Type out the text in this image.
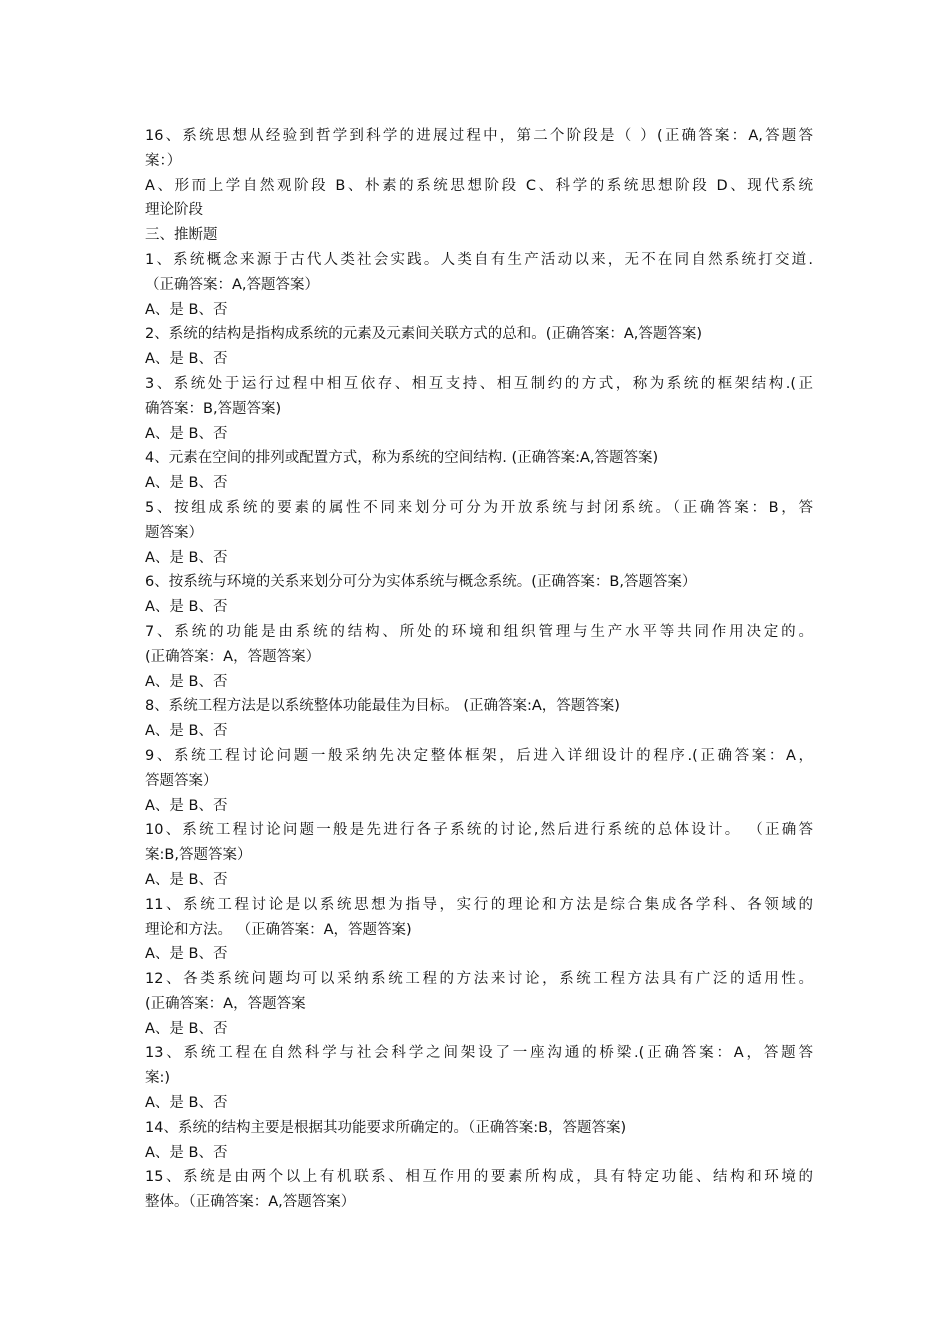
16、系统思想从经验到哲学到科学的进展过程中，第二个阶段是（ ）(正确答案：A,答题答
案：）
A、形而上学自然观阶段 B、朴素的系统思想阶段 C、科学的系统思想阶段 D、现代系统
理论阶段
三、推断题
1、系统概念来源于古代人类社会实践。人类自有生产活动以来，无不在同自然系统打交道.
（正确答案：A,答题答案）
A、是 B、否
2、系统的结构是指构成系统的元素及元素间关联方式的总和。(正确答案：A,答题答案)
A、是 B、否
3、系统处于运行过程中相互依存、相互支持、相互制约的方式，称为系统的框架结构.(正
确答案：B,答题答案)
A、是 B、否
4、元素在空间的排列或配置方式，称为系统的空间结构. (正确答案:A,答题答案)
A、是 B、否
5、按组成系统的要素的属性不同来划分可分为开放系统与封闭系统。（正确答案：B，答
题答案）
A、是 B、否
6、按系统与环境的关系来划分可分为实体系统与概念系统。(正确答案：B,答题答案）
A、是 B、否
7、系统的功能是由系统的结构、所处的环境和组织管理与生产水平等共同作用决定的。
(正确答案：A，答题答案）
A、是 B、否
8、系统工程方法是以系统整体功能最佳为目标。 (正确答案:A，答题答案)
A、是 B、否
9、系统工程讨论问题一般采纳先决定整体框架，后进入详细设计的程序.(正确答案：A，
答题答案）
A、是 B、否
10、系统工程讨论问题一般是先进行各子系统的讨论,然后进行系统的总体设计。 （正确答
案:B,答题答案）
A、是 B、否
11、系统工程讨论是以系统思想为指导，实行的理论和方法是综合集成各学科、各领域的
理论和方法。 （正确答案：A，答题答案)
A、是 B、否
12、各类系统问题均可以采纳系统工程的方法来讨论，系统工程方法具有广泛的适用性。
(正确答案：A，答题答案
A、是 B、否
13、系统工程在自然科学与社会科学之间架设了一座沟通的桥梁.(正确答案：A，答题答
案:)
A、是 B、否
14、系统的结构主要是根据其功能要求所确定的。（正确答案:B，答题答案)
A、是 B、否
15、系统是由两个以上有机联系、相互作用的要素所构成，具有特定功能、结构和环境的
整体。（正确答案：A,答题答案）
